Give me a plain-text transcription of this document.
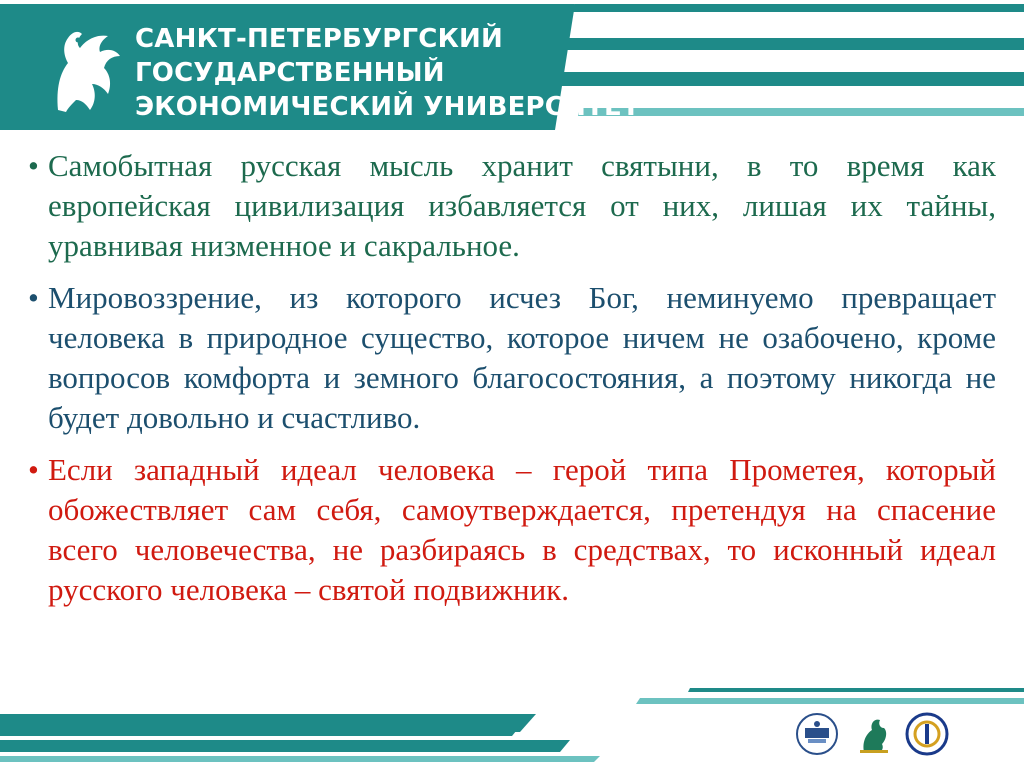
САНКТ-ПЕТЕРБУРГСКИЙ
ГОСУДАРСТВЕННЫЙ
ЭКОНОМИЧЕСКИЙ УНИВЕРСИТЕТ
• Самобытная русская мысль хранит святыни, в то время как европейская цивилизация избавляется от них, лишая их тайны, уравнивая низменное и сакральное.
• Мировоззрение, из которого исчез Бог, неминуемо превращает человека в природное существо, которое ничем не озабочено, кроме вопросов комфорта и земного благосостояния, а поэтому никогда не будет довольно и счастливо.
• Если западный идеал человека – герой типа Прометея, который обожествляет сам себя, самоутверждается, претендуя на спасение всего человечества, не разбираясь в средствах, то исконный идеал русского человека – святой подвижник.
